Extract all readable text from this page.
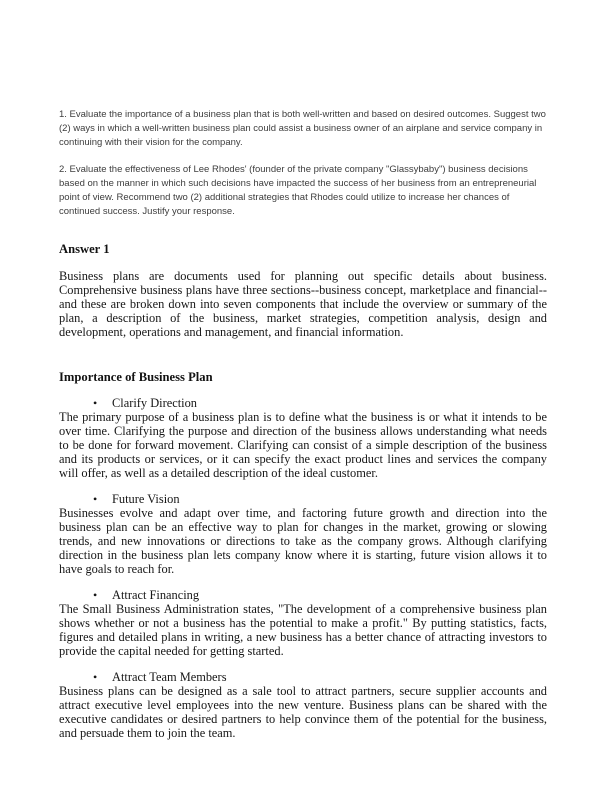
1. Evaluate the importance of a business plan that is both well-written and based on desired outcomes. Suggest two (2) ways in which a well-written business plan could assist a business owner of an airplane and service company in continuing with their vision for the company.

2. Evaluate the effectiveness of Lee Rhodes' (founder of the private company "Glassybaby") business decisions based on the manner in which such decisions have impacted the success of her business from an entrepreneurial point of view. Recommend two (2) additional strategies that Rhodes could utilize to increase her chances of continued success. Justify your response.

Answer 1
Business plans are documents used for planning out specific details about business. Comprehensive business plans have three sections--business concept, marketplace and financial--and these are broken down into seven components that include the overview or summary of the plan, a description of the business, market strategies, competition analysis, design and development, operations and management, and financial information.
Importance of Business Plan
•	Clarify Direction
The primary purpose of a business plan is to define what the business is or what it intends to be over time. Clarifying the purpose and direction of the business allows understanding what needs to be done for forward movement. Clarifying can consist of a simple description of the business and its products or services, or it can specify the exact product lines and services the company will offer, as well as a detailed description of the ideal customer.
•	Future Vision
Businesses evolve and adapt over time, and factoring future growth and direction into the business plan can be an effective way to plan for changes in the market, growing or slowing trends, and new innovations or directions to take as the company grows. Although clarifying direction in the business plan lets company know where it is starting, future vision allows it to have goals to reach for.
•	Attract Financing
The Small Business Administration states, "The development of a comprehensive business plan shows whether or not a business has the potential to make a profit." By putting statistics, facts, figures and detailed plans in writing, a new business has a better chance of attracting investors to provide the capital needed for getting started.
•	Attract Team Members
Business plans can be designed as a sale tool to attract partners, secure supplier accounts and attract executive level employees into the new venture. Business plans can be shared with the executive candidates or desired partners to help convince them of the potential for the business, and persuade them to join the team.
